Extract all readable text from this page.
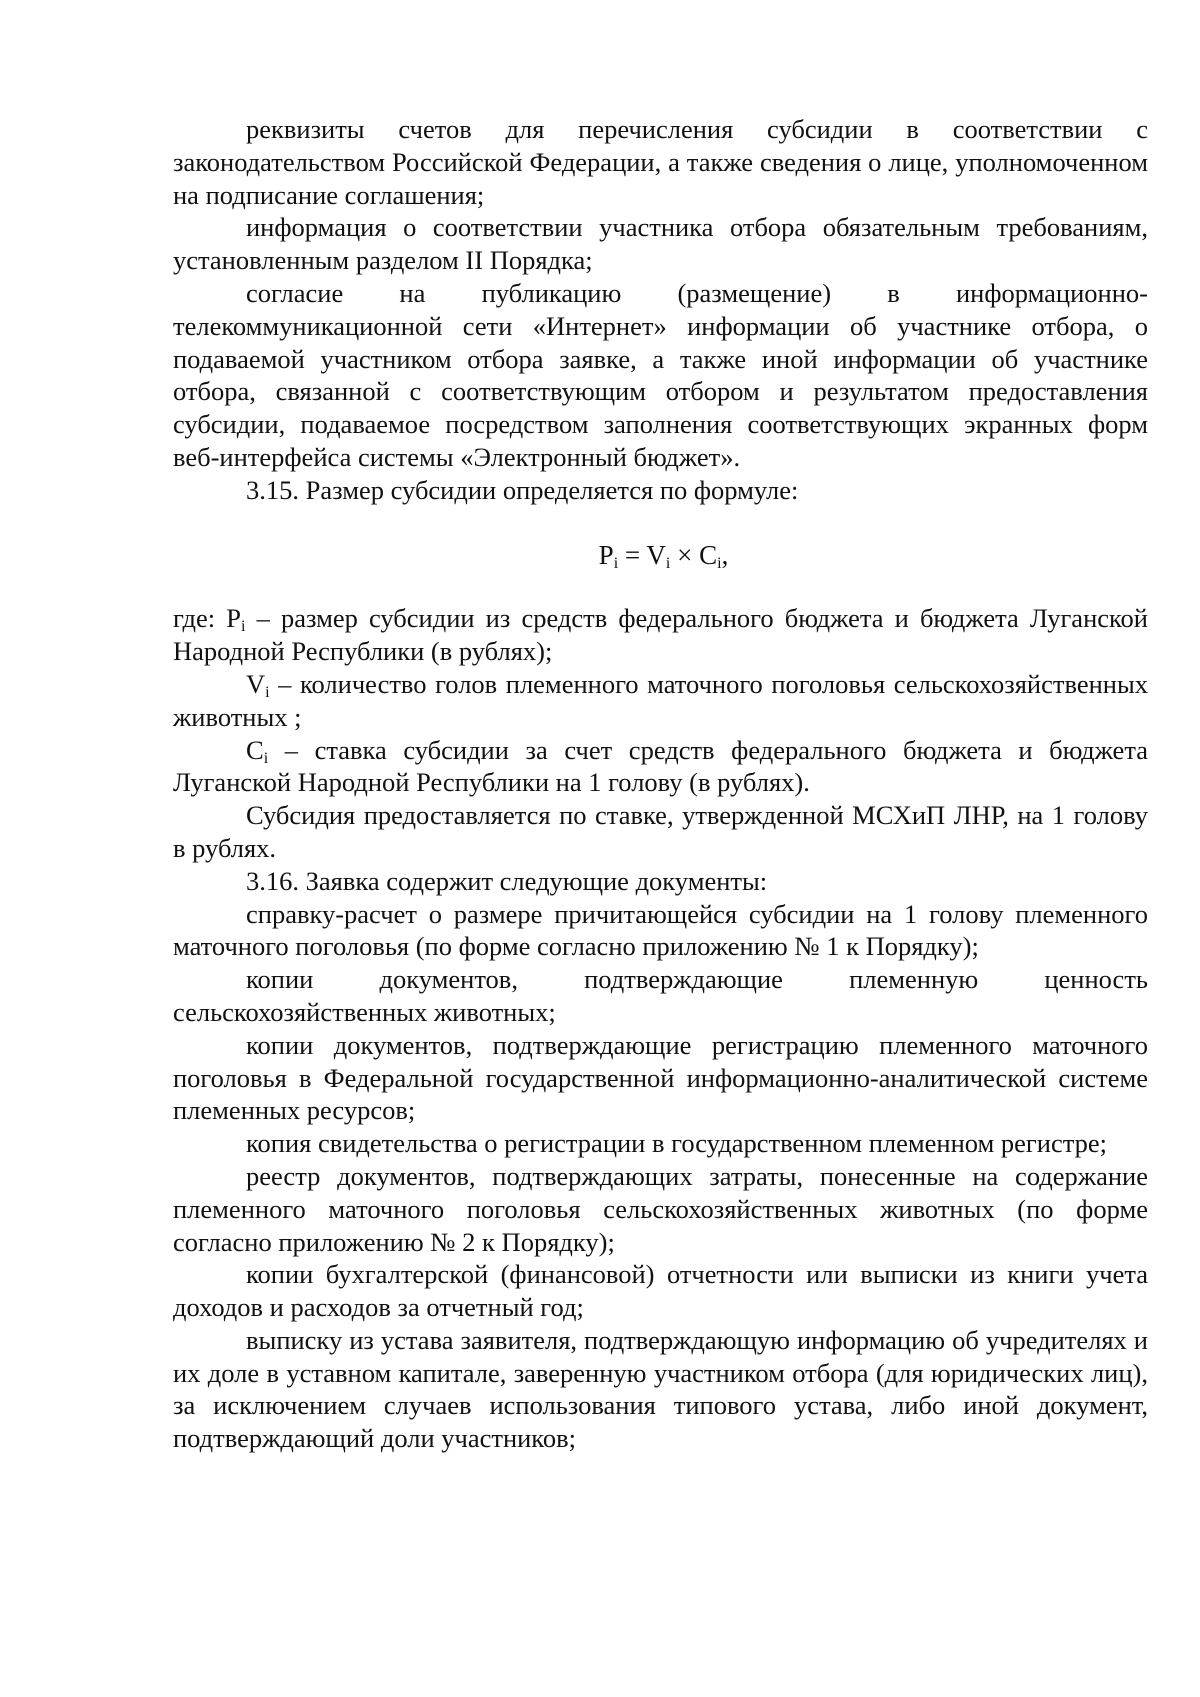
реквизиты счетов для перечисления субсидии в соответствии с законодательством Российской Федерации, а также сведения о лице, уполномоченном на подписание соглашения;

информация о соответствии участника отбора обязательным требованиям, установленным разделом II Порядка;

согласие на публикацию (размещение) в информационно-телекоммуникационной сети «Интернет» информации об участнике отбора, о подаваемой участником отбора заявке, а также иной информации об участнике отбора, связанной с соответствующим отбором и результатом предоставления субсидии, подаваемое посредством заполнения соответствующих экранных форм веб-интерфейса системы «Электронный бюджет».

3.15. Размер субсидии определяется по формуле:

$P_i = V_i \times C_i$,

где: $P_i$ – размер субсидии из средств федерального бюджета и бюджета Луганской Народной Республики (в рублях);

$V_i$ – количество голов племенного маточного поголовья сельскохозяйственных животных ;

$C_i$ – ставка субсидии за счет средств федерального бюджета и бюджета Луганской Народной Республики на 1 голову (в рублях).

Субсидия предоставляется по ставке, утвержденной МСХиП ЛНР, на 1 голову в рублях.

3.16. Заявка содержит следующие документы:

справку-расчет о размере причитающейся субсидии на 1 голову племенного маточного поголовья (по форме согласно приложению № 1 к Порядку);

копии документов, подтверждающие племенную ценность сельскохозяйственных животных;

копии документов, подтверждающие регистрацию племенного маточного поголовья в Федеральной государственной информационно-аналитической системе племенных ресурсов;

копия свидетельства о регистрации в государственном племенном регистре;

реестр документов, подтверждающих затраты, понесенные на содержание племенного маточного поголовья сельскохозяйственных животных (по форме согласно приложению № 2 к Порядку);

копии бухгалтерской (финансовой) отчетности или выписки из книги учета доходов и расходов за отчетный год;

выписку из устава заявителя, подтверждающую информацию об учредителях и их доле в уставном капитале, заверенную участником отбора (для юридических лиц), за исключением случаев использования типового устава, либо иной документ, подтверждающий доли участников;
